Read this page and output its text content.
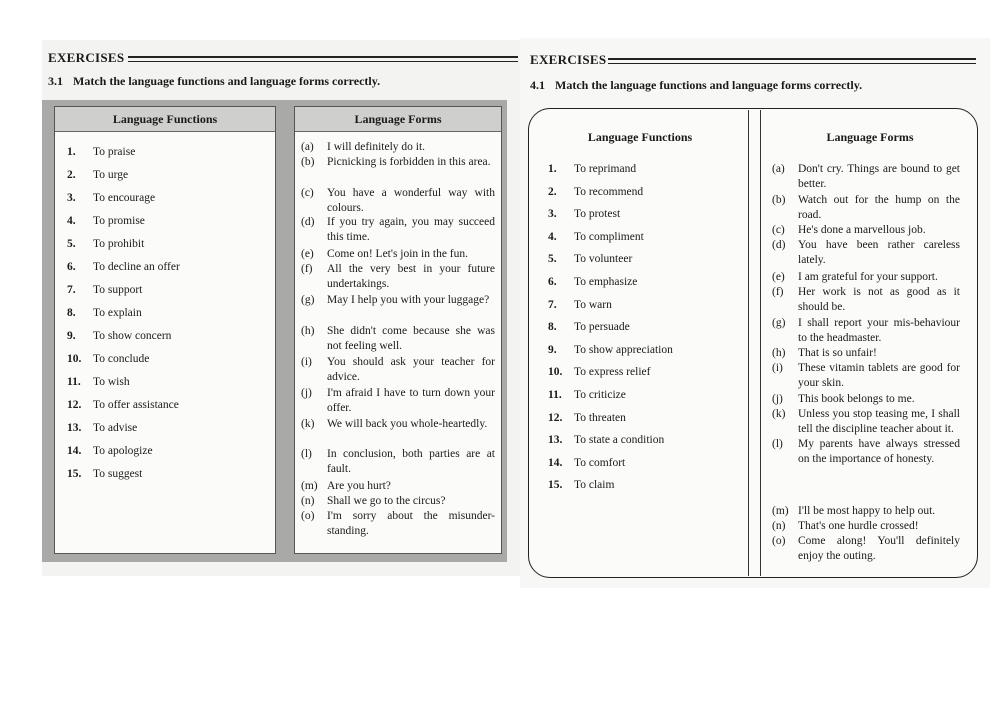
EXERCISES
3.1 Match the language functions and language forms correctly.
Language Functions
1. To praise
2. To urge
3. To encourage
4. To promise
5. To prohibit
6. To decline an offer
7. To support
8. To explain
9. To show concern
10. To conclude
11. To wish
12. To offer assistance
13. To advise
14. To apologize
15. To suggest
Language Forms
(a)	I will definitely do it.
(b)	Picnicking is forbidden in this area.
(c)	You have a wonderful way with colours.
(d)	If you try again, you may succeed this time.
(e)	Come on! Let's join in the fun.
(f)	All the very best in your future undertakings.
(g)	May I help you with your luggage?
(h)	She didn't come because she was not feeling well.
(i)	You should ask your teacher for advice.
(j)	I'm afraid I have to turn down your offer.
(k)	We will back you whole-heartedly.
(l)	In conclusion, both parties are at fault.
(m) Are you hurt?
(n)	Shall we go to the circus?
(o)	I'm sorry about the misunder-standing.
EXERCISES
4.1 Match the language functions and language forms correctly.
Language Functions	Language Forms
1. To reprimand
2. To recommend
3. To protest
4. To compliment
5. To volunteer
6. To emphasize
7. To warn
8. To persuade
9. To show appreciation
10. To express relief
11. To criticize
12. To threaten
13. To state a condition
14. To comfort
15. To claim
(a)	Don't cry. Things are bound to get better.
(b)	Watch out for the hump on the road.
(c)	He's done a marvellous job.
(d)	You have been rather careless lately.
(e)	I am grateful for your support.
(f)	Her work is not as good as it should be.
(g)	I shall report your mis-behaviour to the headmaster.
(h)	That is so unfair!
(i)	These vitamin tablets are good for your skin.
(j)	This book belongs to me.
(k)	Unless you stop teasing me, I shall tell the discipline teacher about it.
(l)	My parents have always stressed on the importance of honesty.
(m) I'll be most happy to help out.
(n)	That's one hurdle crossed!
(o)	Come along! You'll definitely enjoy the outing.
